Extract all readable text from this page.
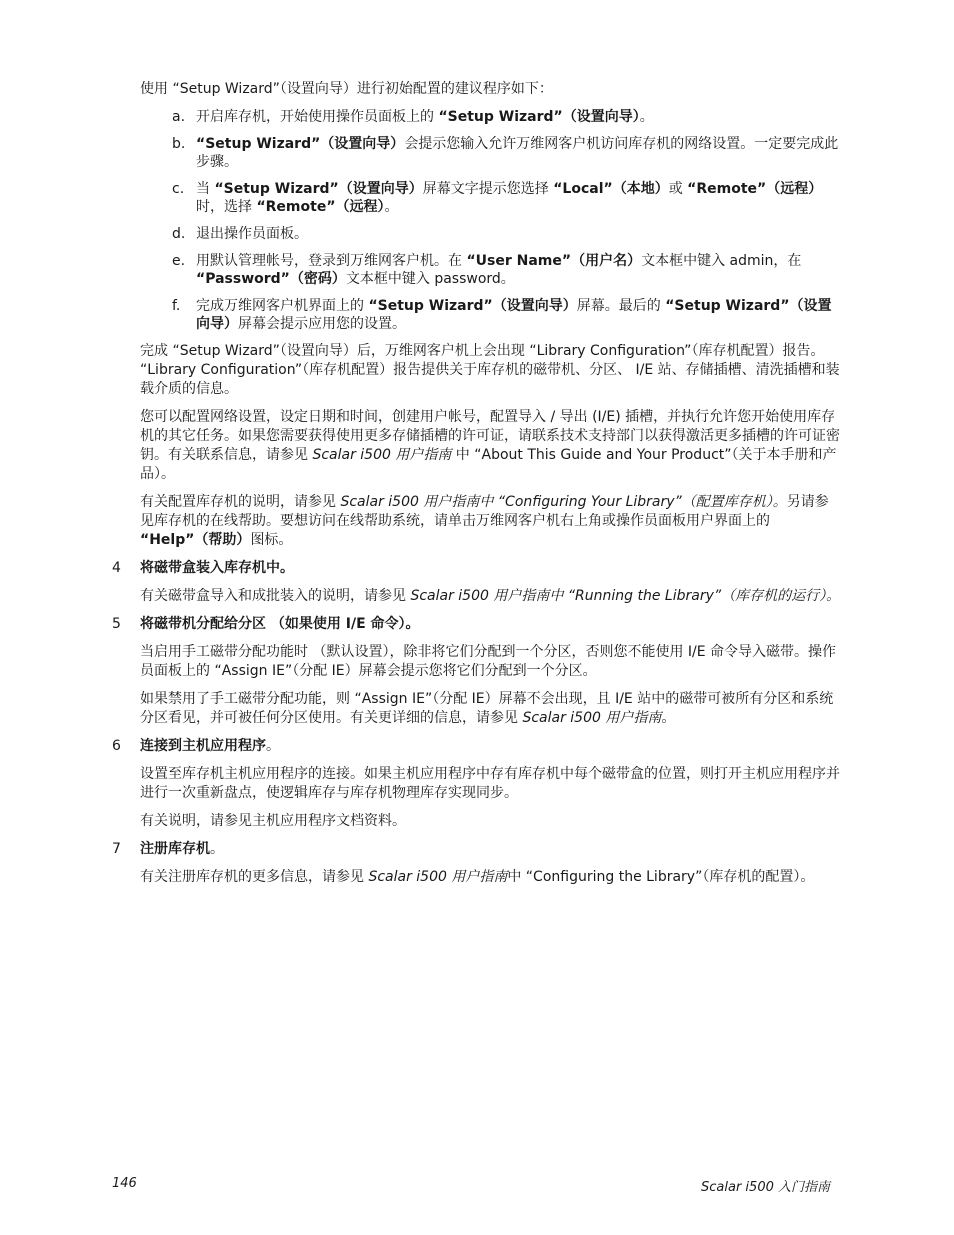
使用 “Setup Wizard”（设置向导）进行初始配置的建议程序如下：

a. 开启库存机，开始使用操作员面板上的 “Setup Wizard”（设置向导）。
b. “Setup Wizard”（设置向导）会提示您输入允许万维网客户机访问库存机的网络设置。一定要完成此步骤。
c. 当 “Setup Wizard”（设置向导）屏幕文字提示您选择 “Local”（本地）或 “Remote”（远程）时，选择 “Remote”（远程）。
d. 退出操作员面板。
e. 用默认管理帐号，登录到万维网客户机。在 “User Name”（用户名）文本框中键入 admin，在 “Password”（密码）文本框中键入 password。
f. 完成万维网客户机界面上的 “Setup Wizard”（设置向导）屏幕。最后的 “Setup Wizard”（设置向导）屏幕会提示应用您的设置。

完成 “Setup Wizard”（设置向导）后，万维网客户机上会出现 “Library Configuration”（库存机配置）报告。 “Library Configuration”（库存机配置）报告提供关于库存机的磁带机、分区、 I/E 站、存储插槽、清洗插槽和装载介质的信息。

您可以配置网络设置，设定日期和时间，创建用户帐号，配置导入 / 导出 (I/E) 插槽，并执行允许您开始使用库存机的其它任务。如果您需要获得使用更多存储插槽的许可证，请联系技术支持部门以获得激活更多插槽的许可证密钥。有关联系信息，请参见 Scalar i500 用户指南 中 “About This Guide and Your Product”（关于本手册和产品）。

有关配置库存机的说明，请参见 Scalar i500 用户指南中 “Configuring Your Library”（配置库存机）。另请参见库存机的在线帮助。要想访问在线帮助系统，请单击万维网客户机右上角或操作员面板用户界面上的 “Help”（帮助）图标。

4 将磁带盒装入库存机中。

有关磁带盒导入和成批装入的说明，请参见 Scalar i500 用户指南中 “Running the Library”（库存机的运行）。

5 将磁带机分配给分区 （如果使用 I/E 命令）。

当启用手工磁带分配功能时 （默认设置），除非将它们分配到一个分区，否则您不能使用 I/E 命令导入磁带。操作员面板上的 “Assign IE”（分配 IE）屏幕会提示您将它们分配到一个分区。

如果禁用了手工磁带分配功能，则 “Assign IE”（分配 IE）屏幕不会出现，且 I/E 站中的磁带可被所有分区和系统分区看见，并可被任何分区使用。有关更详细的信息，请参见 Scalar i500 用户指南。

6 连接到主机应用程序。

设置至库存机主机应用程序的连接。如果主机应用程序中存有库存机中每个磁带盒的位置，则打开主机应用程序并进行一次重新盘点，使逻辑库存与库存机物理库存实现同步。

有关说明，请参见主机应用程序文档资料。

7 注册库存机。

有关注册库存机的更多信息，请参见 Scalar i500 用户指南中 “Configuring the Library”（库存机的配置）。

146	Scalar i500 入门指南
